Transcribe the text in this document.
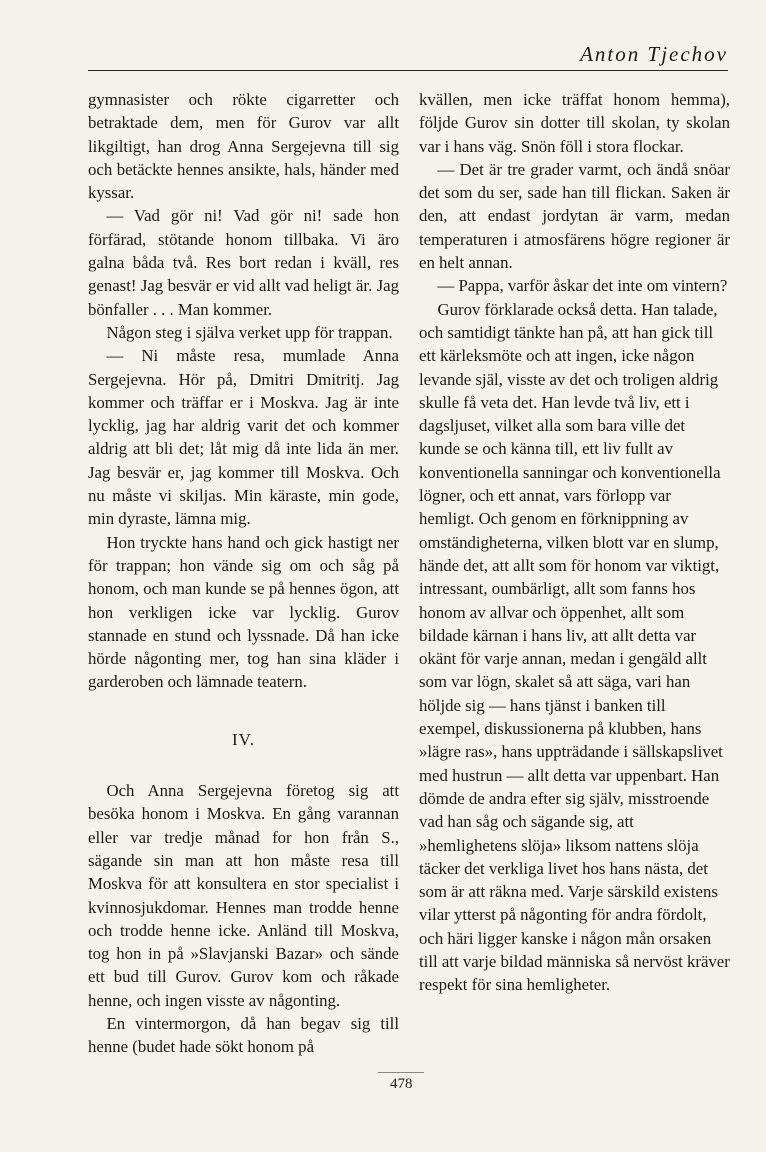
Anton Tjechov

gymnasister och rökte cigarretter och betraktade dem, men för Gurov var allt likgiltigt, han drog Anna Sergejevna till sig och betäckte hennes ansikte, hals, händer med kyssar.

— Vad gör ni! Vad gör ni! sade hon förfärad, stötande honom tillbaka. Vi äro galna båda två. Res bort redan i kväll, res genast! Jag besvär er vid allt vad heligt är. Jag bönfaller . . . Man kommer.

Någon steg i själva verket upp för trappan.

— Ni måste resa, mumlade Anna Sergejevna. Hör på, Dmitri Dmitritj. Jag kommer och träffar er i Moskva. Jag är inte lycklig, jag har aldrig varit det och kommer aldrig att bli det; låt mig då inte lida än mer. Jag besvär er, jag kommer till Moskva. Och nu måste vi skiljas. Min käraste, min gode, min dyraste, lämna mig.

Hon tryckte hans hand och gick hastigt ner för trappan; hon vände sig om och såg på honom, och man kunde se på hennes ögon, att hon verkligen icke var lycklig. Gurov stannade en stund och lyssnade. Då han icke hörde någonting mer, tog han sina kläder i garderoben och lämnade teatern.

IV.

Och Anna Sergejevna företog sig att besöka honom i Moskva. En gång varannan eller var tredje månad for hon från S., sägande sin man att hon måste resa till Moskva för att konsultera en stor specialist i kvinnosjukdomar. Hennes man trodde henne och trodde henne icke. Anländ till Moskva, tog hon in på »Slavjanski Bazar» och sände ett bud till Gurov. Gurov kom och råkade henne, och ingen visste av någonting.

En vintermorgon, då han begav sig till henne (budet hade sökt honom på

kvällen, men icke träffat honom hemma), följde Gurov sin dotter till skolan, ty skolan var i hans väg. Snön föll i stora flockar.

— Det är tre grader varmt, och ändå snöar det som du ser, sade han till flickan. Saken är den, att endast jordytan är varm, medan temperaturen i atmosfärens högre regioner är en helt annan.

— Pappa, varför åskar det inte om vintern?

Gurov förklarade också detta. Han talade, och samtidigt tänkte han på, att han gick till ett kärleksmöte och att ingen, icke någon levande själ, visste av det och troligen aldrig skulle få veta det. Han levde två liv, ett i dagsljuset, vilket alla som bara ville det kunde se och känna till, ett liv fullt av konventionella sanningar och konventionella lögner, och ett annat, vars förlopp var hemligt. Och genom en förknippning av omständigheterna, vilken blott var en slump, hände det, att allt som för honom var viktigt, intressant, oumbärligt, allt som fanns hos honom av allvar och öppenhet, allt som bildade kärnan i hans liv, att allt detta var okänt för varje annan, medan i gengäld allt som var lögn, skalet så att säga, vari han höljde sig — hans tjänst i banken till exempel, diskussionerna på klubben, hans »lägre ras», hans uppträdande i sällskapslivet med hustrun — allt detta var uppenbart. Han dömde de andra efter sig själv, misstroende vad han såg och sägande sig, att »hemlighetens slöja» liksom nattens slöja täcker det verkliga livet hos hans nästa, det som är att räkna med. Varje särskild existens vilar ytterst på någonting för andra fördolt, och häri ligger kanske i någon mån orsaken till att varje bildad människa så nervöst kräver respekt för sina hemligheter.

478
